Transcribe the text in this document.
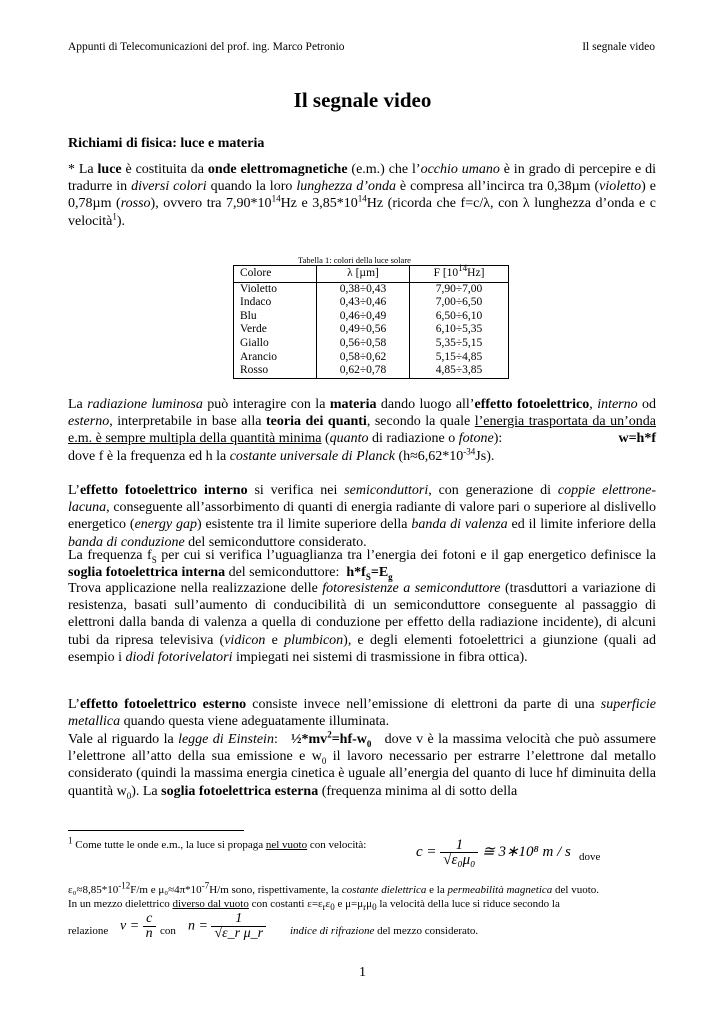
Appunti di Telecomunicazioni del prof. ing. Marco Petronio	Il segnale video
Il segnale video
Richiami di fisica: luce e materia

* La luce è costituita da onde elettromagnetiche (e.m.) che l’occhio umano è in grado di percepire e di tradurre in diversi colori quando la loro lunghezza d’onda è compresa all’incirca tra 0,38µm (violetto) e 0,78µm (rosso), ovvero tra $7,90*10^{14}Hz$ e $3,85*10^{14}Hz$ (ricorda che f=c/λ, con λ lunghezza d’onda e c velocità$^1$).

Tabella 1: colori della luce solare
Colore	λ [µm]	F $[10^{14}Hz]$
Violetto	0,38÷0,43	7,90÷7,00
Indaco	0,43÷0,46	7,00÷6,50
Blu	0,46÷0,49	6,50÷6,10
Verde	0,49÷0,56	6,10÷5,35
Giallo	0,56÷0,58	5,35÷5,15
Arancio	0,58÷0,62	5,15÷4,85
Rosso	0,62÷0,78	4,85÷3,85

La radiazione luminosa può interagire con la materia dando luogo all’effetto fotoelettrico, interno od esterno, interpretabile in base alla teoria dei quanti, secondo la quale l’energia trasportata da un’onda e.m. è sempre multipla della quantità minima (quanto di radiazione o fotone):	w=h*f

dove f è la frequenza ed h la costante universale di Planck $(h\approx 6,62*10^{-34}Js)$.

L’effetto fotoelettrico interno si verifica nei semiconduttori, con generazione di coppie elettrone-lacuna, conseguente all’assorbimento di quanti di energia radiante di valore pari o superiore al dislivello energetico (energy gap) esistente tra il limite superiore della banda di valenza ed il limite inferiore della banda di conduzione del semiconduttore considerato.

La frequenza $f_S$ per cui si verifica l’uguaglianza tra l’energia dei fotoni e il gap energetico definisce la soglia fotoelettrica interna del semiconduttore: $h*f_S=E_g$

Trova applicazione nella realizzazione delle fotoresistenze a semiconduttore (trasduttori a variazione di resistenza, basati sull’aumento di conducibilità di un semiconduttore conseguente al passaggio di elettroni dalla banda di valenza a quella di conduzione per effetto della radiazione incidente), di alcuni tubi da ripresa televisiva (vidicon e plumbicon), e degli elementi fotoelettrici a giunzione (quali ad esempio i diodi fotorivelatori impiegati nei sistemi di trasmissione in fibra ottica).

L’effetto fotoelettrico esterno consiste invece nell’emissione di elettroni da parte di una superficie metallica quando questa viene adeguatamente illuminata.

Vale al riguardo la legge di Einstein: $\frac{1}{2}*mv^2=hf-w_0$ dove v è la massima velocità che può assumere l’elettrone all’atto della sua emissione e $w_0$ il lavoro necessario per estrarre l’elettrone dal metallo considerato (quindi la massima energia cinetica è uguale all’energia del quanto di luce hf diminuita della quantità $w_0$). La soglia fotoelettrica esterna (frequenza minima al di sotto della

$^1$ Come tutte le onde e.m., la luce si propaga nel vuoto con velocità:	$c = \frac{1}{\text{√ε₀μ₀}}$ ≅ 3∗10⁸ m / s dove

$\varepsilon_0\approx 8,85*10^{-12}F/m$ e $\mu_0\approx 4\pi*10^{-7}H/m$ sono, rispettivamente, la costante dielettrica e la permeabilità magnetica del vuoto.

In un mezzo dielettrico diverso dal vuoto con costanti $\varepsilon=\varepsilon_r\varepsilon_0$ e $\mu=\mu_r\mu_0$ la velocità della luce si riduce secondo la

relazione $v = \frac{c}{n}$ con $n = \frac{1}{\text{√ε\_r μ\_r}}$ indice di rifrazione del mezzo considerato.
1
